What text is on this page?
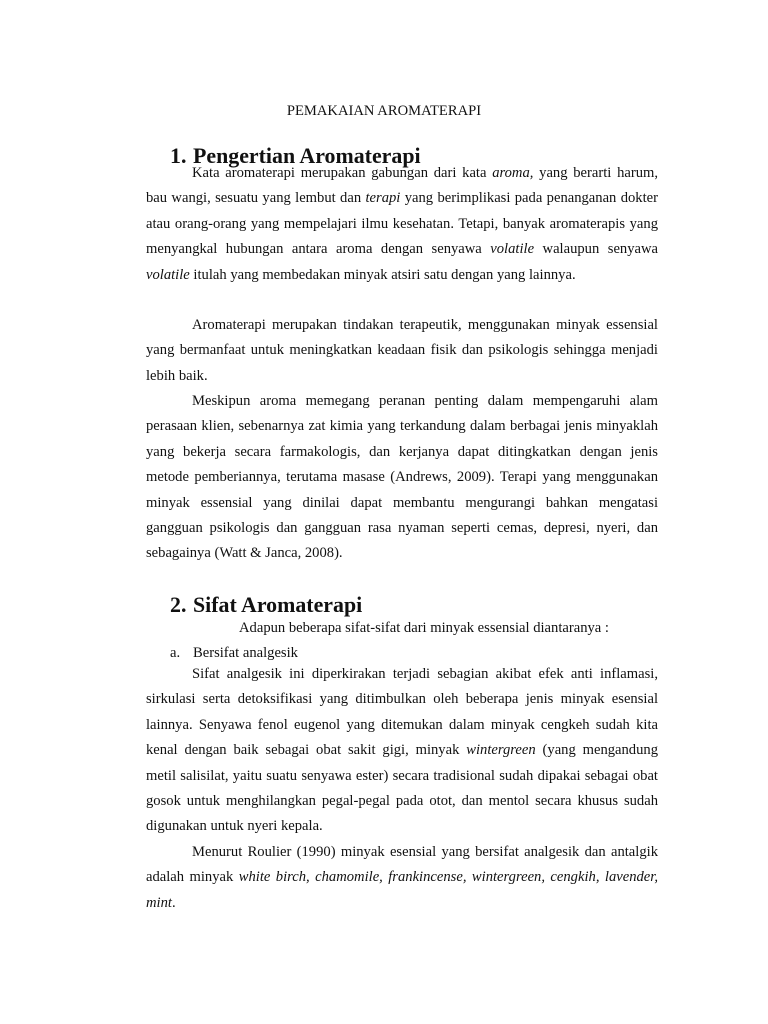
PEMAKAIAN AROMATERAPI
1. Pengertian Aromaterapi

Kata aromaterapi merupakan gabungan dari kata aroma, yang berarti harum, bau wangi, sesuatu yang lembut dan terapi yang berimplikasi pada penanganan dokter atau orang-orang yang mempelajari ilmu kesehatan. Tetapi, banyak aromaterapis yang menyangkal hubungan antara aroma dengan senyawa volatile walaupun senyawa volatile itulah yang membedakan minyak atsiri satu dengan yang lainnya.

Aromaterapi merupakan tindakan terapeutik, menggunakan minyak essensial yang bermanfaat untuk meningkatkan keadaan fisik dan psikologis sehingga menjadi lebih baik.

Meskipun aroma memegang peranan penting dalam mempengaruhi alam perasaan klien, sebenarnya zat kimia yang terkandung dalam berbagai jenis minyaklah yang bekerja secara farmakologis, dan kerjanya dapat ditingkatkan dengan jenis metode pemberiannya, terutama masase (Andrews, 2009). Terapi yang menggunakan minyak essensial yang dinilai dapat membantu mengurangi bahkan mengatasi gangguan psikologis dan gangguan rasa nyaman seperti cemas, depresi, nyeri, dan sebagainya (Watt & Janca, 2008).

2. Sifat Aromaterapi

Adapun beberapa sifat-sifat dari minyak essensial diantaranya :

a. Bersifat analgesik

Sifat analgesik ini diperkirakan terjadi sebagian akibat efek anti inflamasi, sirkulasi serta detoksifikasi yang ditimbulkan oleh beberapa jenis minyak esensial lainnya. Senyawa fenol eugenol yang ditemukan dalam minyak cengkeh sudah kita kenal dengan baik sebagai obat sakit gigi, minyak wintergreen (yang mengandung metil salisilat, yaitu suatu senyawa ester) secara tradisional sudah dipakai sebagai obat gosok untuk menghilangkan pegal-pegal pada otot, dan mentol secara khusus sudah digunakan untuk nyeri kepala.

Menurut Roulier (1990) minyak esensial yang bersifat analgesik dan antalgik adalah minyak white birch, chamomile, frankincense, wintergreen, cengkih, lavender, mint.
